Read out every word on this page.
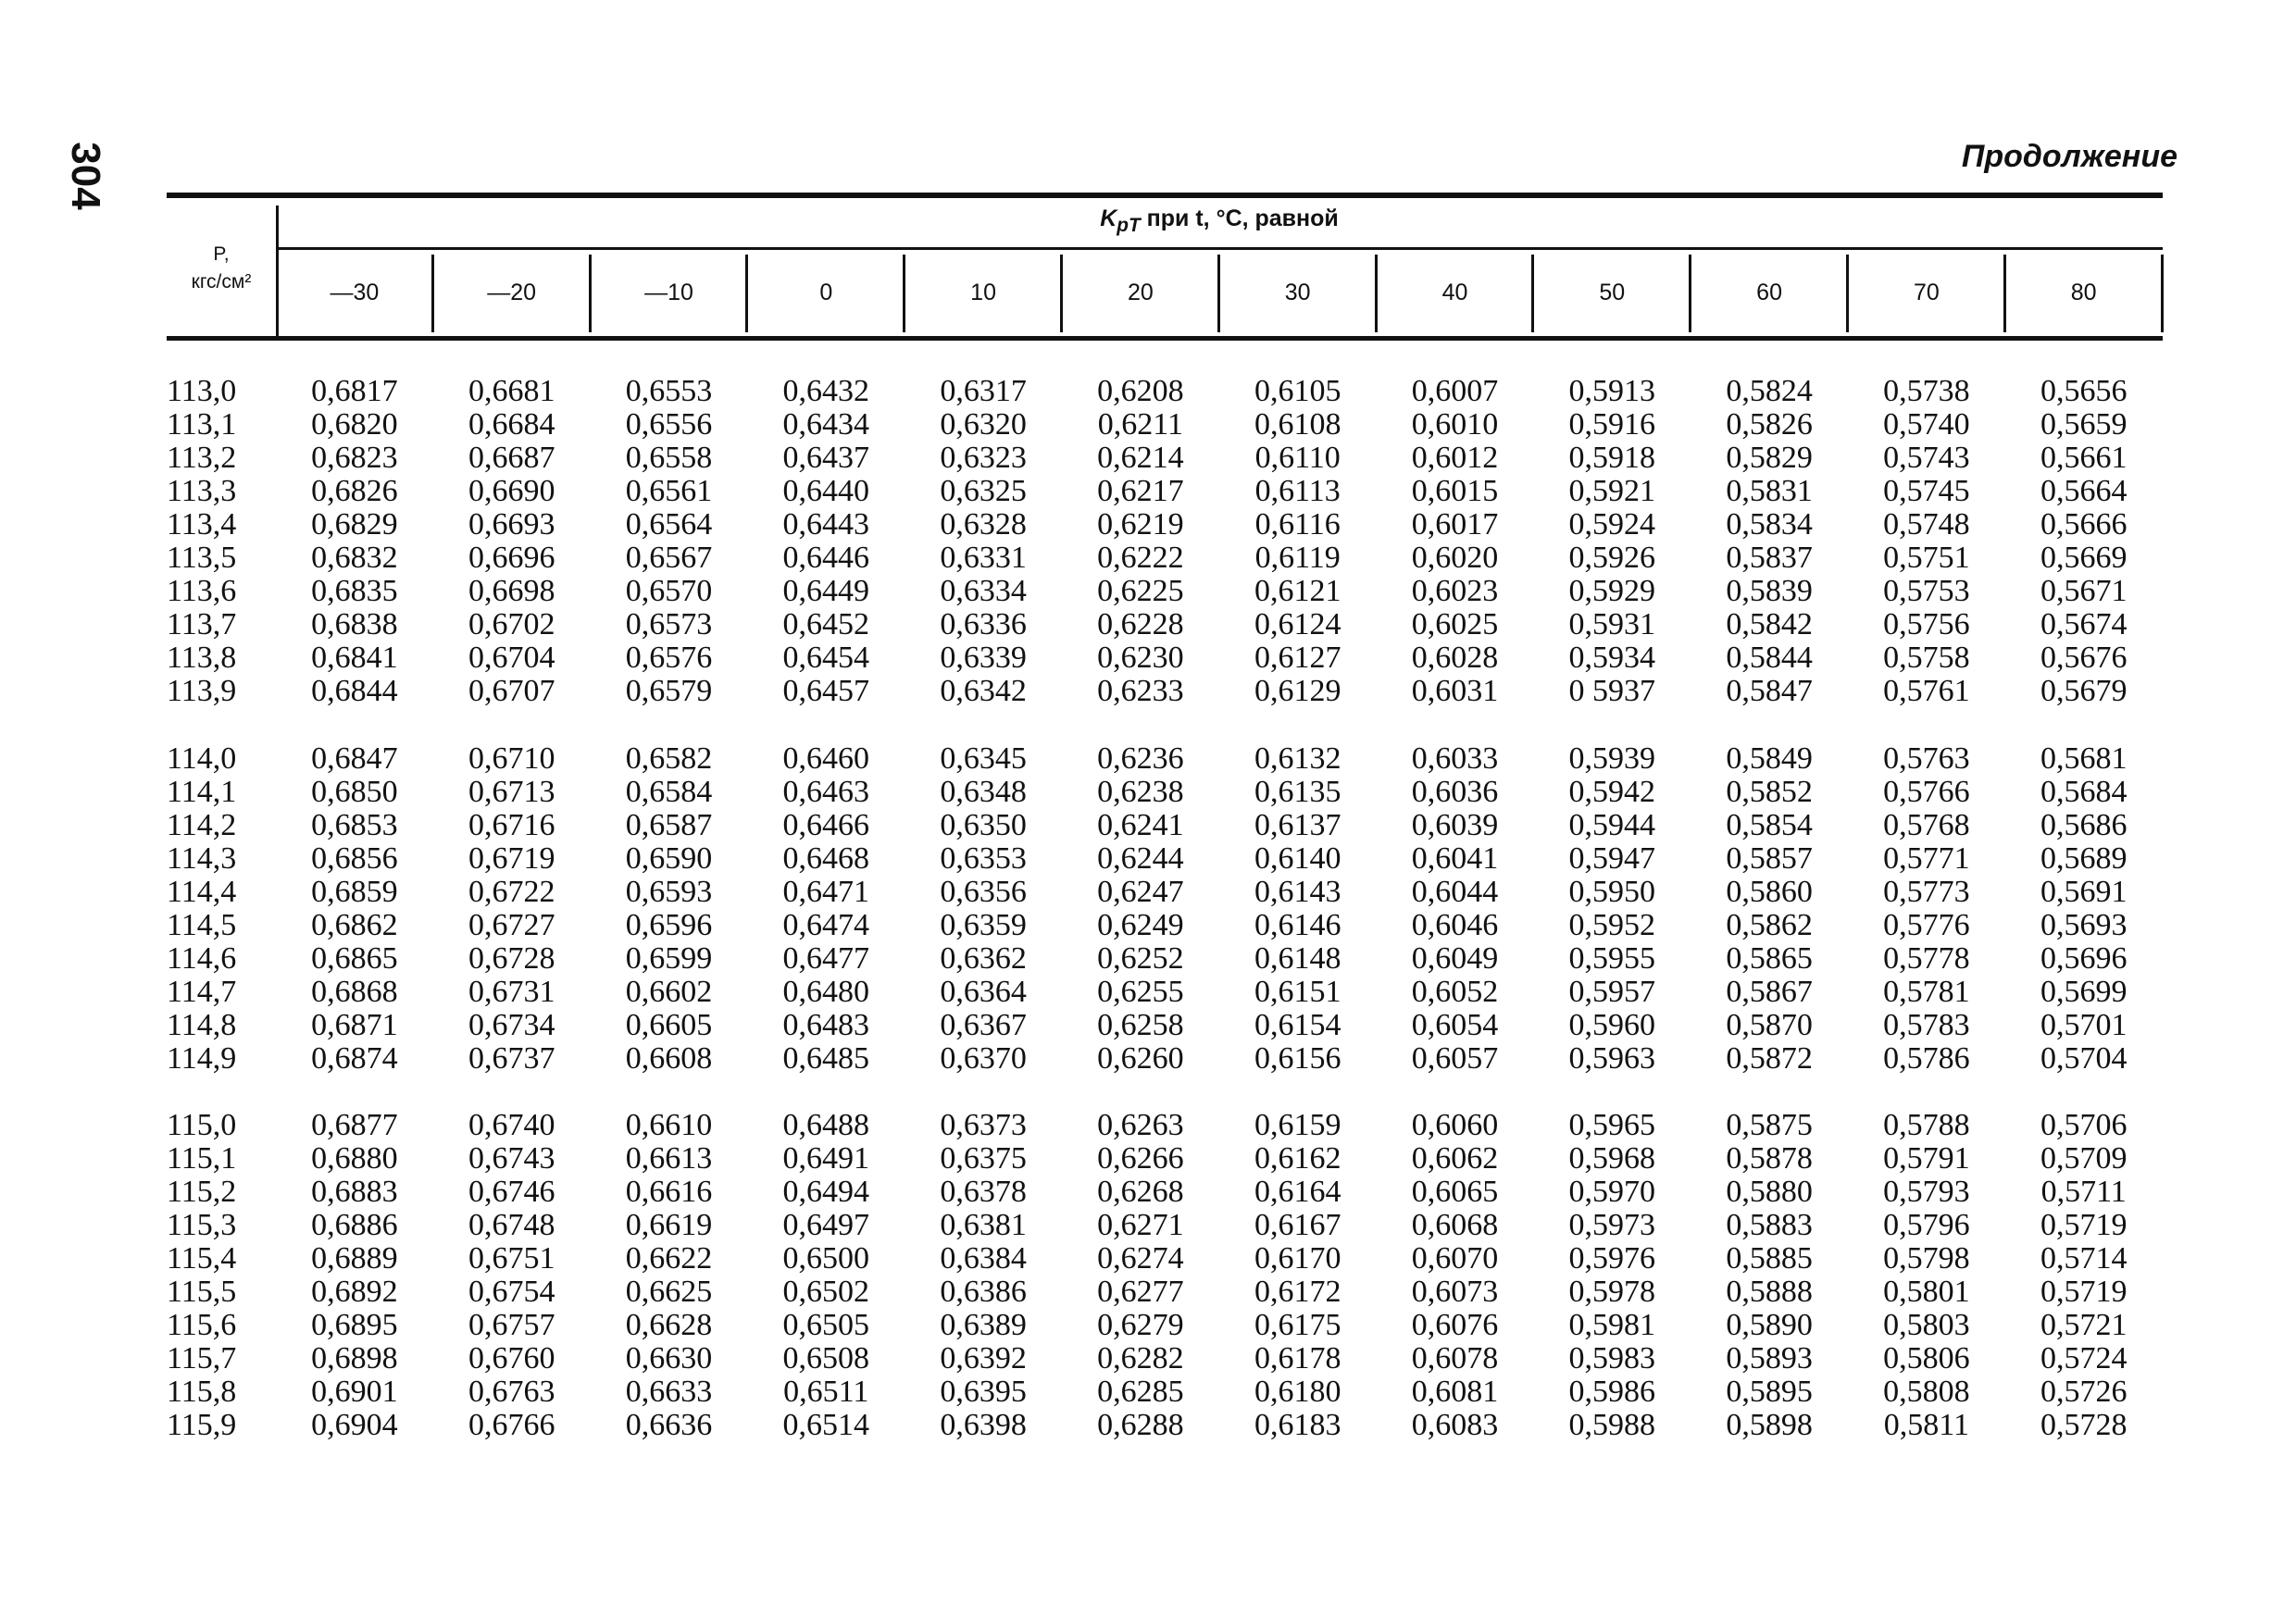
304	Продолжение
P,
кгс/см²
$K_{pT}$ при t, °C, равной
—30	—20	—10	0	10	20	30	40	50	60	70	80
113,0	0,6817	0,6681	0,6553	0,6432	0,6317	0,6208	0,6105	0,6007	0,5913	0,5824	0,5738	0,5656
113,1	0,6820	0,6684	0,6556	0,6434	0,6320	0,6211	0,6108	0,6010	0,5916	0,5826	0,5740	0,5659
113,2	0,6823	0,6687	0,6558	0,6437	0,6323	0,6214	0,6110	0,6012	0,5918	0,5829	0,5743	0,5661
113,3	0,6826	0,6690	0,6561	0,6440	0,6325	0,6217	0,6113	0,6015	0,5921	0,5831	0,5745	0,5664
113,4	0,6829	0,6693	0,6564	0,6443	0,6328	0,6219	0,6116	0,6017	0,5924	0,5834	0,5748	0,5666
113,5	0,6832	0,6696	0,6567	0,6446	0,6331	0,6222	0,6119	0,6020	0,5926	0,5837	0,5751	0,5669
113,6	0,6835	0,6698	0,6570	0,6449	0,6334	0,6225	0,6121	0,6023	0,5929	0,5839	0,5753	0,5671
113,7	0,6838	0,6702	0,6573	0,6452	0,6336	0,6228	0,6124	0,6025	0,5931	0,5842	0,5756	0,5674
113,8	0,6841	0,6704	0,6576	0,6454	0,6339	0,6230	0,6127	0,6028	0,5934	0,5844	0,5758	0,5676
113,9	0,6844	0,6707	0,6579	0,6457	0,6342	0,6233	0,6129	0,6031	0 5937	0,5847	0,5761	0,5679
114,0	0,6847	0,6710	0,6582	0,6460	0,6345	0,6236	0,6132	0,6033	0,5939	0,5849	0,5763	0,5681
114,1	0,6850	0,6713	0,6584	0,6463	0,6348	0,6238	0,6135	0,6036	0,5942	0,5852	0,5766	0,5684
114,2	0,6853	0,6716	0,6587	0,6466	0,6350	0,6241	0,6137	0,6039	0,5944	0,5854	0,5768	0,5686
114,3	0,6856	0,6719	0,6590	0,6468	0,6353	0,6244	0,6140	0,6041	0,5947	0,5857	0,5771	0,5689
114,4	0,6859	0,6722	0,6593	0,6471	0,6356	0,6247	0,6143	0,6044	0,5950	0,5860	0,5773	0,5691
114,5	0,6862	0,6727	0,6596	0,6474	0,6359	0,6249	0,6146	0,6046	0,5952	0,5862	0,5776	0,5693
114,6	0,6865	0,6728	0,6599	0,6477	0,6362	0,6252	0,6148	0,6049	0,5955	0,5865	0,5778	0,5696
114,7	0,6868	0,6731	0,6602	0,6480	0,6364	0,6255	0,6151	0,6052	0,5957	0,5867	0,5781	0,5699
114,8	0,6871	0,6734	0,6605	0,6483	0,6367	0,6258	0,6154	0,6054	0,5960	0,5870	0,5783	0,5701
114,9	0,6874	0,6737	0,6608	0,6485	0,6370	0,6260	0,6156	0,6057	0,5963	0,5872	0,5786	0,5704
115,0	0,6877	0,6740	0,6610	0,6488	0,6373	0,6263	0,6159	0,6060	0,5965	0,5875	0,5788	0,5706
115,1	0,6880	0,6743	0,6613	0,6491	0,6375	0,6266	0,6162	0,6062	0,5968	0,5878	0,5791	0,5709
115,2	0,6883	0,6746	0,6616	0,6494	0,6378	0,6268	0,6164	0,6065	0,5970	0,5880	0,5793	0,5711
115,3	0,6886	0,6748	0,6619	0,6497	0,6381	0,6271	0,6167	0,6068	0,5973	0,5883	0,5796	0,5719
115,4	0,6889	0,6751	0,6622	0,6500	0,6384	0,6274	0,6170	0,6070	0,5976	0,5885	0,5798	0,5714
115,5	0,6892	0,6754	0,6625	0,6502	0,6386	0,6277	0,6172	0,6073	0,5978	0,5888	0,5801	0,5719
115,6	0,6895	0,6757	0,6628	0,6505	0,6389	0,6279	0,6175	0,6076	0,5981	0,5890	0,5803	0,5721
115,7	0,6898	0,6760	0,6630	0,6508	0,6392	0,6282	0,6178	0,6078	0,5983	0,5893	0,5806	0,5724
115,8	0,6901	0,6763	0,6633	0,6511	0,6395	0,6285	0,6180	0,6081	0,5986	0,5895	0,5808	0,5726
115,9	0,6904	0,6766	0,6636	0,6514	0,6398	0,6288	0,6183	0,6083	0,5988	0,5898	0,5811	0,5728
